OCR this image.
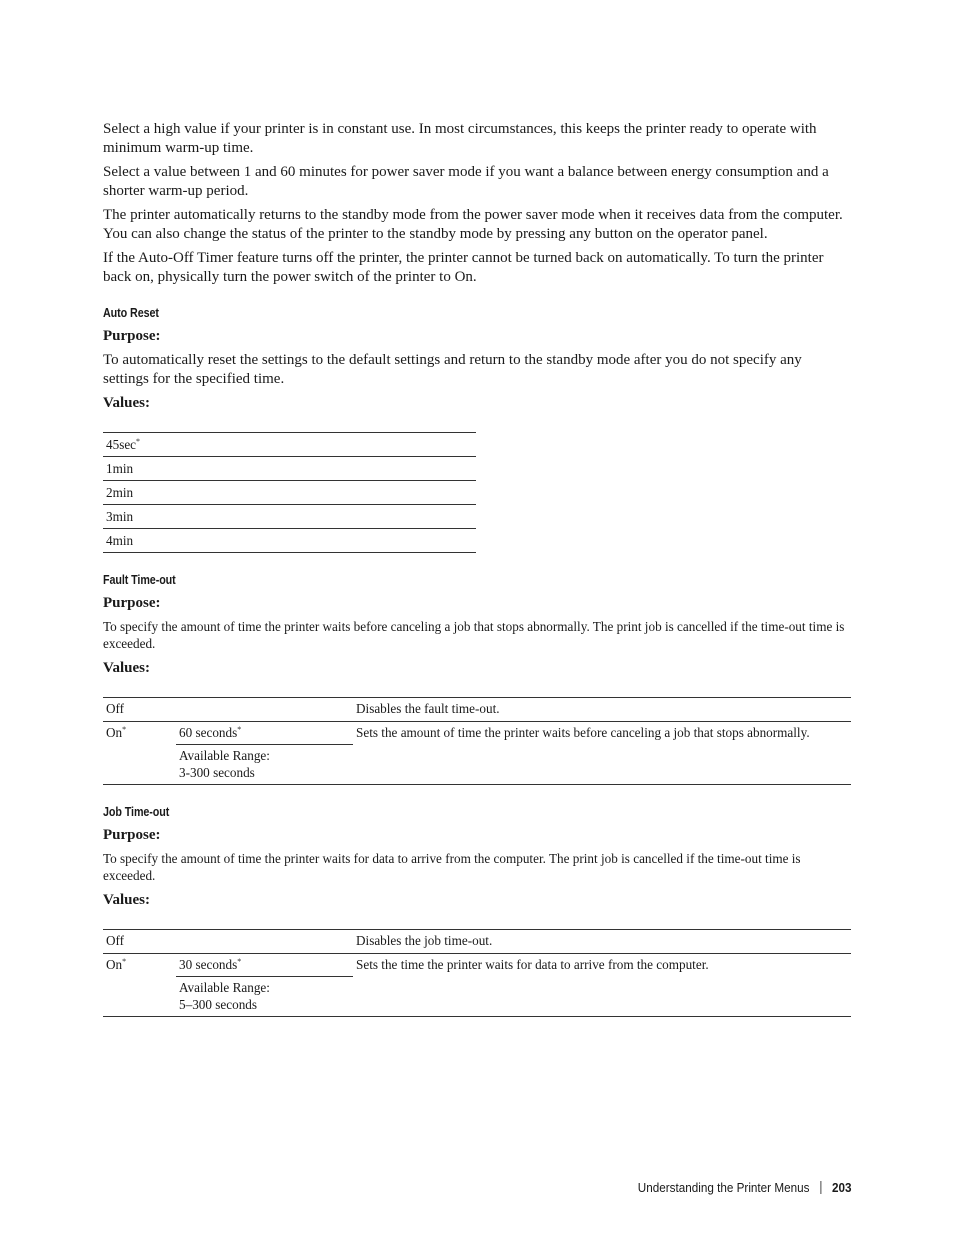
Select a high value if your printer is in constant use. In most circumstances, this keeps the printer ready to operate with minimum warm-up time.

Select a value between 1 and 60 minutes for power saver mode if you want a balance between energy consumption and a shorter warm-up period.

The printer automatically returns to the standby mode from the power saver mode when it receives data from the computer. You can also change the status of the printer to the standby mode by pressing any button on the operator panel.

If the Auto-Off Timer feature turns off the printer, the printer cannot be turned back on automatically. To turn the printer back on, physically turn the power switch of the printer to On.

Auto Reset
Purpose:

To automatically reset the settings to the default settings and return to the standby mode after you do not specify any settings for the specified time.

Values:
45sec*
1min
2min
3min
4min
Fault Time-out
Purpose:

To specify the amount of time the printer waits before canceling a job that stops abnormally. The print job is cancelled if the time-out time is exceeded.

Values:
Off		Disables the fault time-out.
On*	60 seconds*	Sets the amount of time the printer waits before canceling a job that stops abnormally.

	Available Range:
3-300 seconds	
Job Time-out
Purpose:

To specify the amount of time the printer waits for data to arrive from the computer. The print job is cancelled if the time-out time is exceeded.

Values:
Off		Disables the job time-out.
On*	30 seconds*	Sets the time the printer waits for data to arrive from the computer.

	Available Range:
5–300 seconds	
Understanding the Printer Menus 203
